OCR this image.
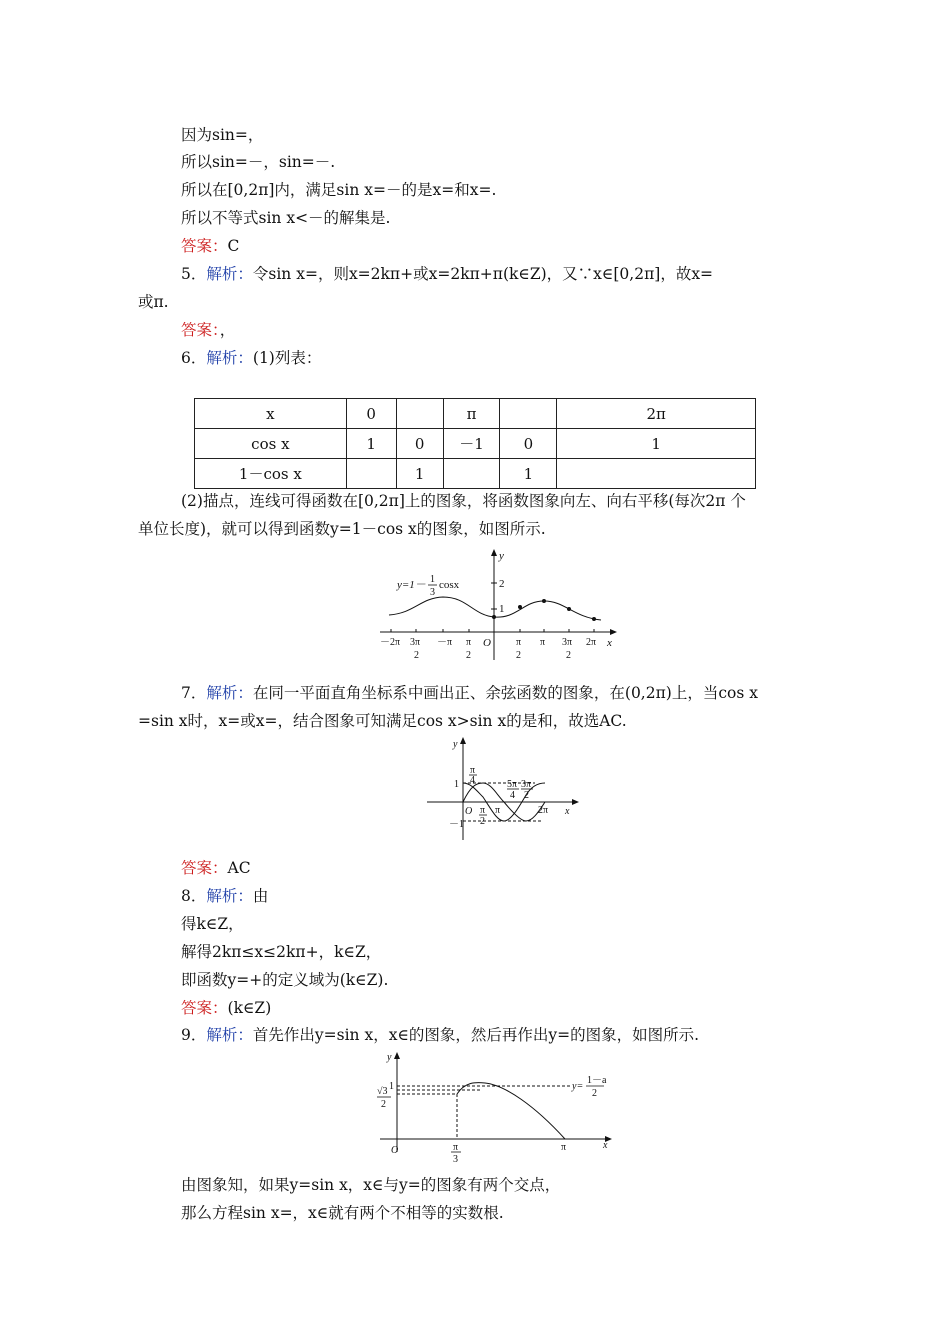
因为sin=，
所以sin=－，sin=－.
所以在[0,2π]内，满足sin x=－的是x=和x=.
所以不等式sin x<－的解集是.
答案：C
5．解析：令sin x=，则x=2kπ+或x=2kπ+π(k∈Z)，又∵x∈[0,2π]，故x=
或π.
答案：，
6．解析：(1)列表：
x	0		π		2π
cos x	1	0	－1	0	1
1－cos x		1		1	
(2)描点，连线可得函数在[0,2π]上的图象，将函数图象向左、向右平移(每次2π 个
单位长度)，就可以得到函数y=1－cos x的图象，如图所示.
y
x
y=1－ 1
3
cosx	2
1
O
－2π 3π
2
－π π
2
π
2
π 3π
2
2π
7．解析：在同一平面直角坐标系中画出正、余弦函数的图象，在(0,2π)上，当cos x
=sin x时，x=或x=，结合图象可知满足cos x>sin x的是和，故选AC.
y
x
1
－1
O
π
4
π
2
π
5π
4
3π
2
2π
答案：AC
8．解析：由
得k∈Z，
解得2kπ≤x≤2kπ+，k∈Z，
即函数y=+的定义域为(k∈Z).
答案：(k∈Z)
9．解析：首先作出y=sin x，x∈的图象，然后再作出y=的图象，如图所示.
y
x
O
1
√3
2
π
3
π
y=
1－a
2
由图象知，如果y=sin x，x∈与y=的图象有两个交点，
那么方程sin x=，x∈就有两个不相等的实数根.
